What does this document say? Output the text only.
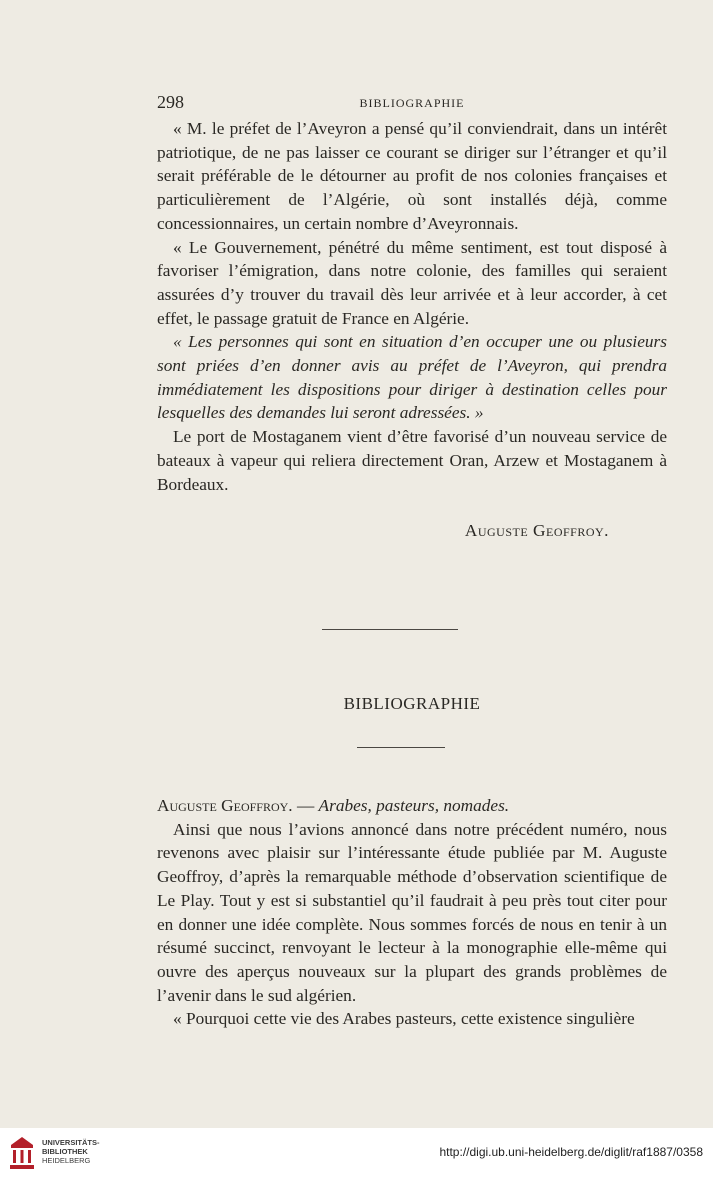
298	BIBLIOGRAPHIE

« M. le préfet de l’Aveyron a pensé qu’il conviendrait, dans un intérêt patriotique, de ne pas laisser ce courant se diriger sur l’étranger et qu’il serait préférable de le détourner au profit de nos colonies françaises et particulièrement de l’Algérie, où sont installés déjà, comme concessionnaires, un certain nombre d’Aveyronnais.

« Le Gouvernement, pénétré du même sentiment, est tout disposé à favoriser l’émigration, dans notre colonie, des familles qui seraient assurées d’y trouver du travail dès leur arrivée et à leur accorder, à cet effet, le passage gratuit de France en Algérie.

« Les personnes qui sont en situation d’en occuper une ou plusieurs sont priées d’en donner avis au préfet de l’Aveyron, qui prendra immédiatement les dispositions pour diriger à destination celles pour lesquelles des demandes lui seront adressées. »

Le port de Mostaganem vient d’être favorisé d’un nouveau service de bateaux à vapeur qui reliera directement Oran, Arzew et Mostaganem à Bordeaux.

Auguste Geoffroy.

BIBLIOGRAPHIE

Auguste Geoffroy. — Arabes, pasteurs, nomades.

Ainsi que nous l’avions annoncé dans notre précédent numéro, nous revenons avec plaisir sur l’intéressante étude publiée par M. Auguste Geoffroy, d’après la remarquable méthode d’observation scientifique de Le Play. Tout y est si substantiel qu’il faudrait à peu près tout citer pour en donner une idée complète. Nous sommes forcés de nous en tenir à un résumé succinct, renvoyant le lecteur à la monographie elle-même qui ouvre des aperçus nouveaux sur la plupart des grands problèmes de l’avenir dans le sud algérien.

« Pourquoi cette vie des Arabes pasteurs, cette existence singulière

UNIVERSITÄTS-
BIBLIOTHEK
HEIDELBERG
http://digi.ub.uni-heidelberg.de/diglit/raf1887/0358
